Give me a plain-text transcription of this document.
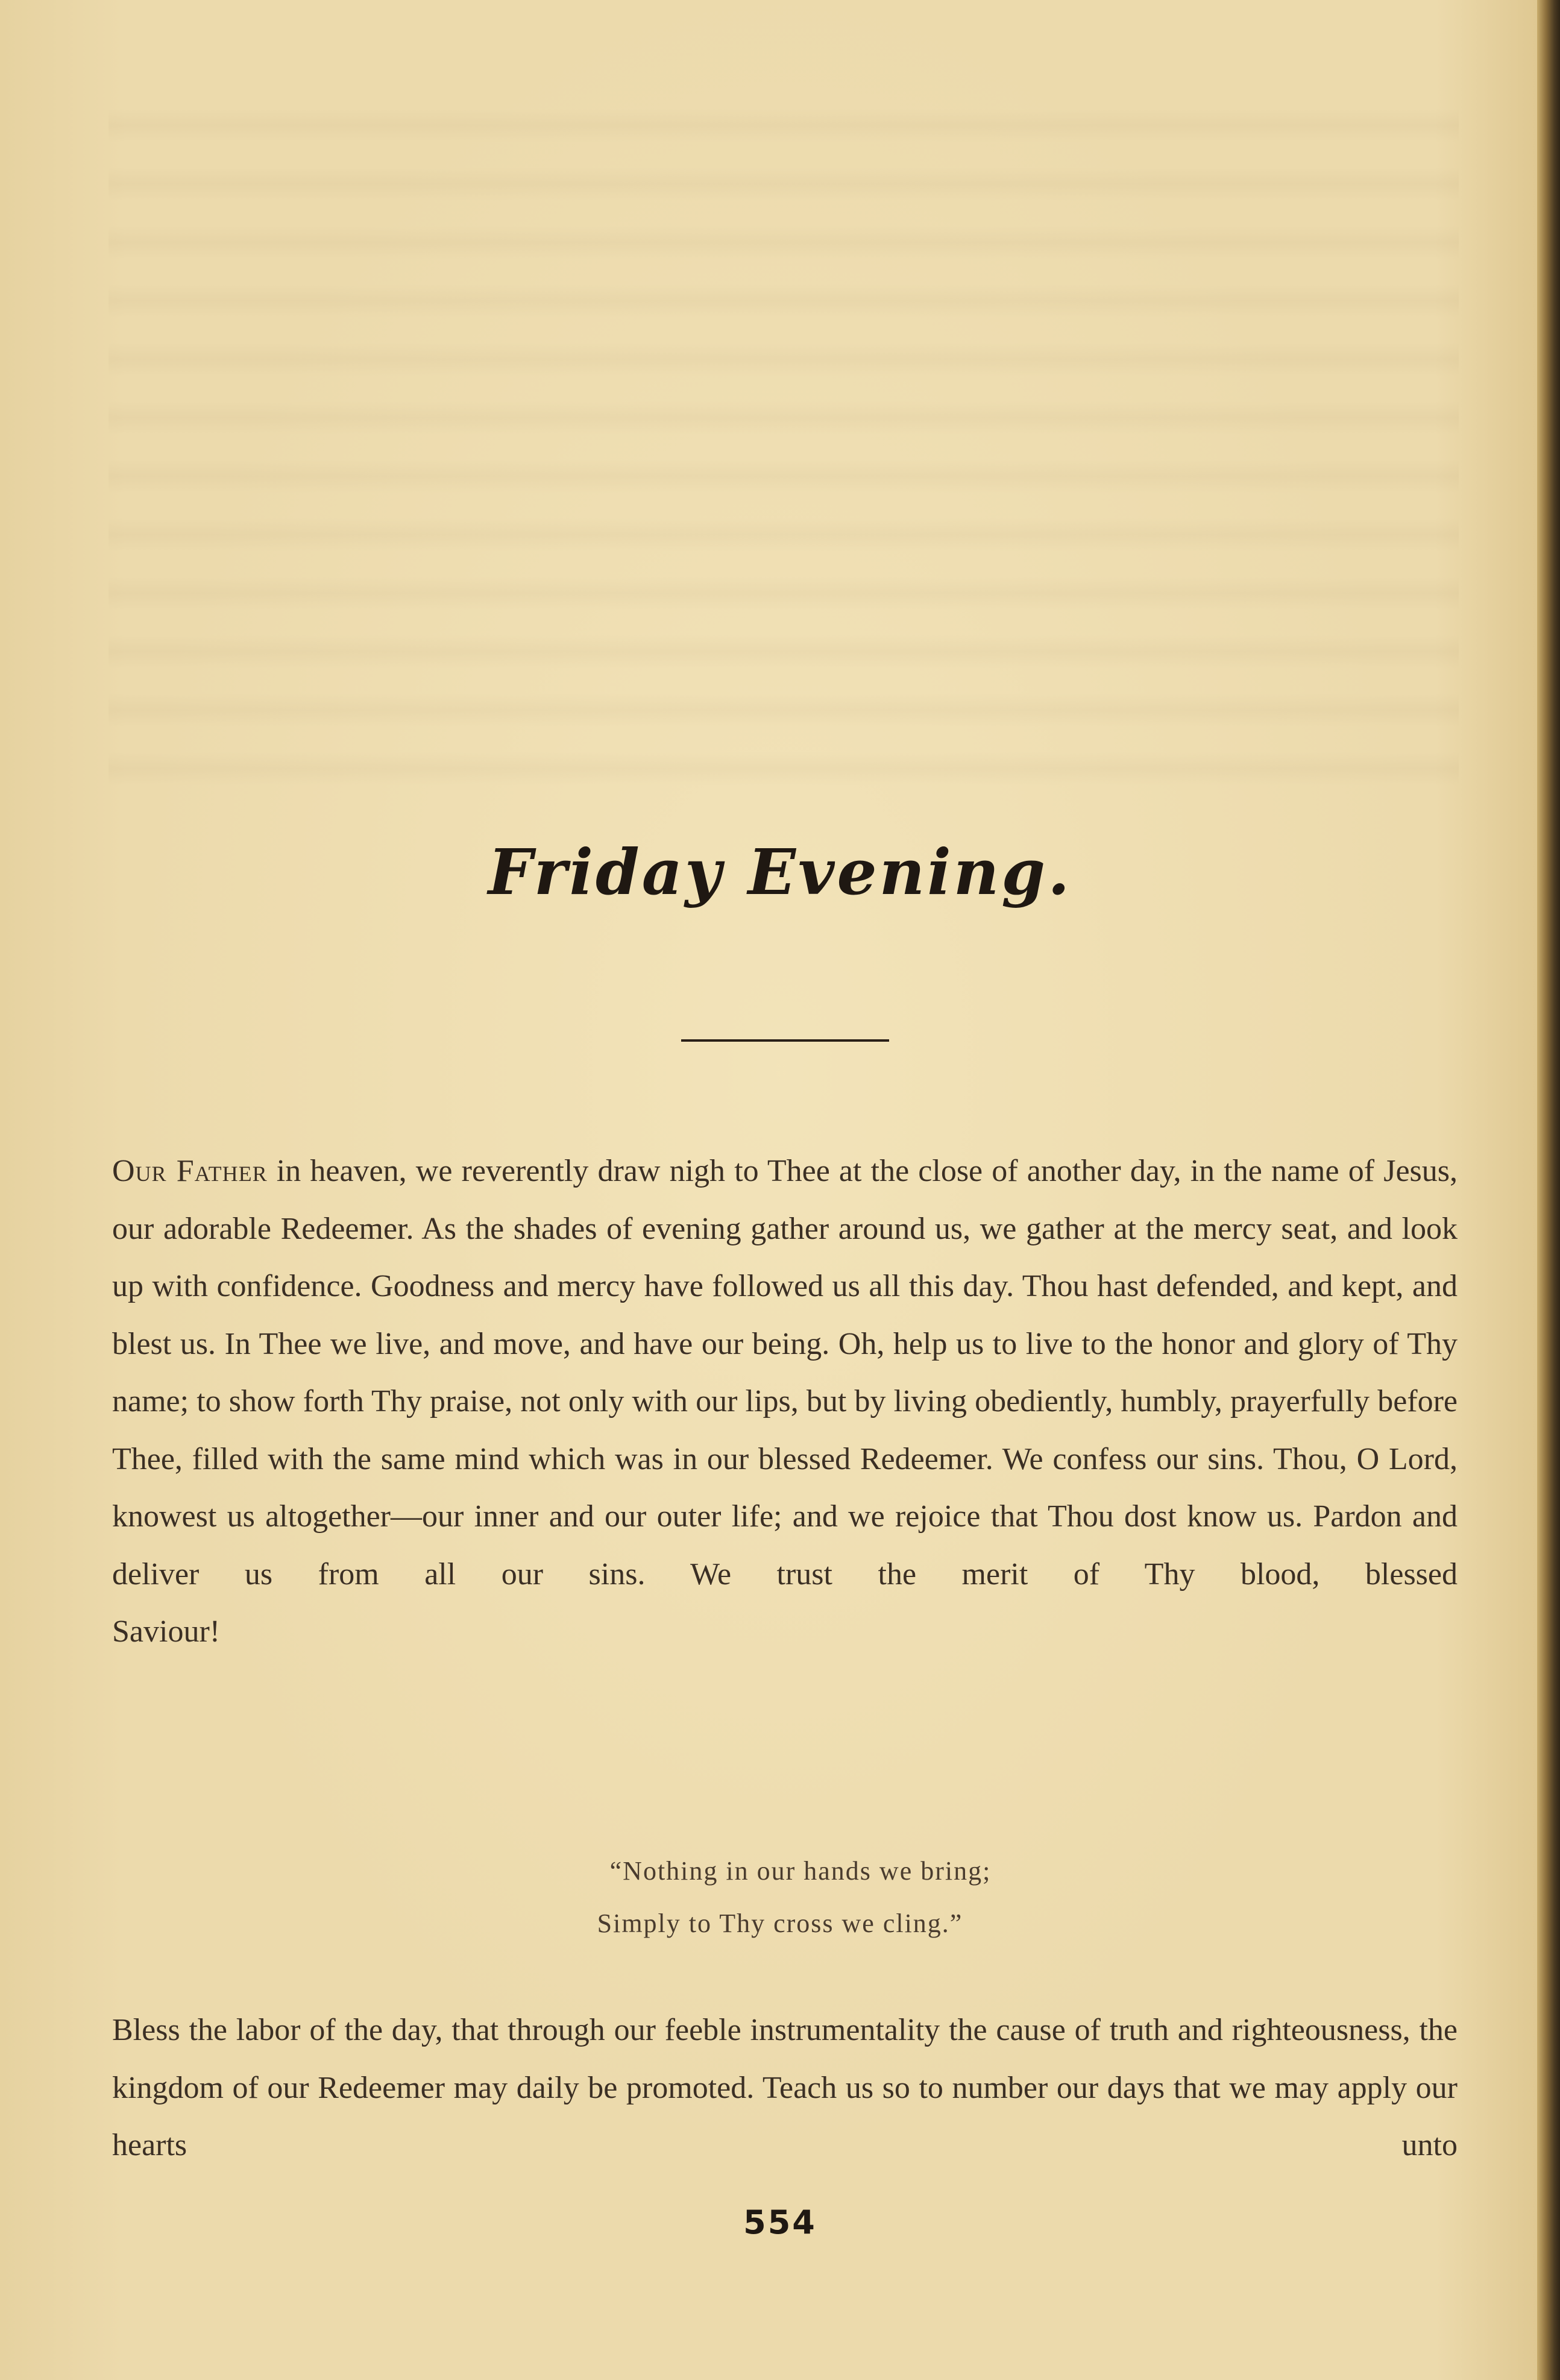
Friday Evening.

Our Father in heaven, we reverently draw nigh to Thee at the close of another day, in the name of Jesus, our adorable Redeemer. As the shades of evening gather around us, we gather at the mercy seat, and look up with confidence. Goodness and mercy have followed us all this day. Thou hast defended, and kept, and blest us. In Thee we live, and move, and have our being. Oh, help us to live to the honor and glory of Thy name; to show forth Thy praise, not only with our lips, but by living obediently, humbly, prayerfully before Thee, filled with the same mind which was in our blessed Redeemer. We confess our sins. Thou, O Lord, knowest us altogether—our inner and our outer life; and we rejoice that Thou dost know us. Pardon and deliver us from all our sins. We trust the merit of Thy blood, blessed
Saviour!

“Nothing in our hands we bring;

Simply to Thy cross we cling.”

Bless the labor of the day, that through our feeble instrumentality the cause of truth and righteousness, the kingdom of our Redeemer may daily be promoted. Teach us so to number our days that we may apply our hearts unto

554
